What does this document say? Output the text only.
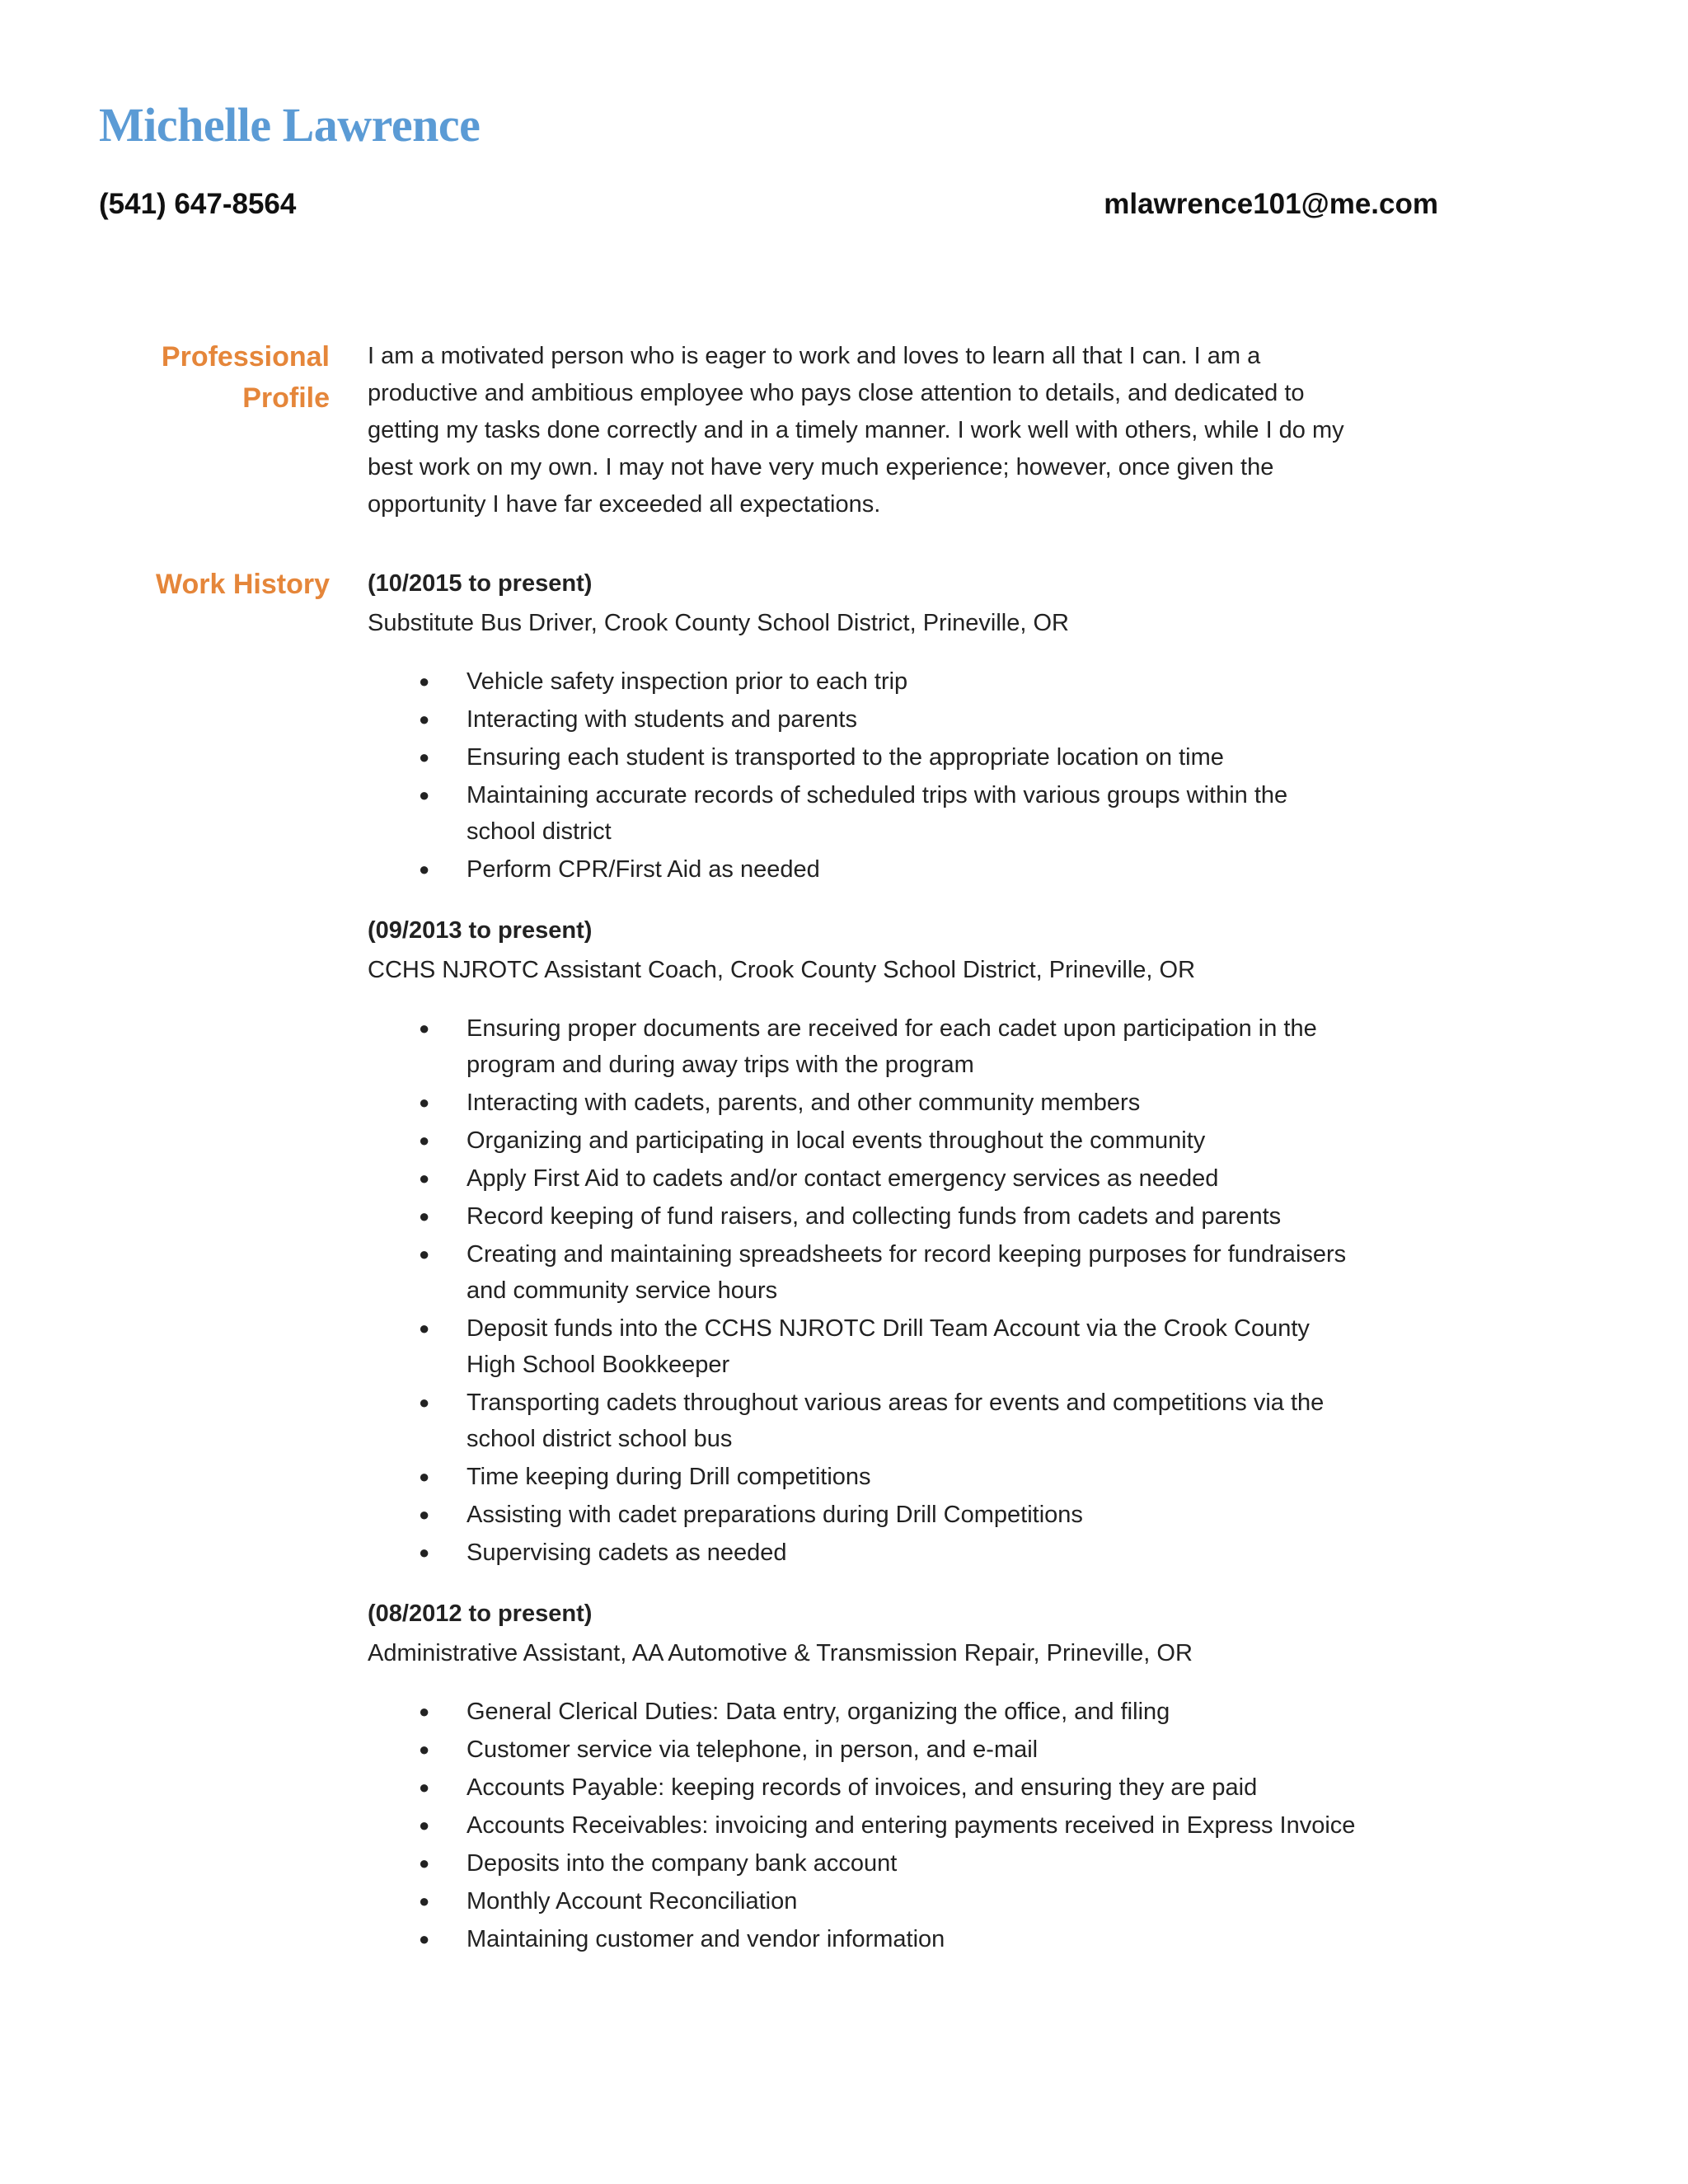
Michelle Lawrence
(541) 647-8564	mlawrence101@me.com
Professional
Profile

I am a motivated person who is eager to work and loves to learn all that I can. I am a productive and ambitious employee who pays close attention to details, and dedicated to getting my tasks done correctly and in a timely manner. I work well with others, while I do my best work on my own. I may not have very much experience; however, once given the opportunity I have far exceeded all expectations.

Work History (10/2015 to present)

Substitute Bus Driver, Crook County School District, Prineville, OR

● Vehicle safety inspection prior to each trip
● Interacting with students and parents
● Ensuring each student is transported to the appropriate location on time
● Maintaining accurate records of scheduled trips with various groups within the school district
● Perform CPR/First Aid as needed

(09/2013 to present)

CCHS NJROTC Assistant Coach, Crook County School District, Prineville, OR

● Ensuring proper documents are received for each cadet upon participation in the program and during away trips with the program
● Interacting with cadets, parents, and other community members
● Organizing and participating in local events throughout the community
● Apply First Aid to cadets and/or contact emergency services as needed
● Record keeping of fund raisers, and collecting funds from cadets and parents
● Creating and maintaining spreadsheets for record keeping purposes for fundraisers and community service hours
● Deposit funds into the CCHS NJROTC Drill Team Account via the Crook County High School Bookkeeper
● Transporting cadets throughout various areas for events and competitions via the school district school bus
● Time keeping during Drill competitions
● Assisting with cadet preparations during Drill Competitions
● Supervising cadets as needed

(08/2012 to present)

Administrative Assistant, AA Automotive & Transmission Repair, Prineville, OR

● General Clerical Duties: Data entry, organizing the office, and filing
● Customer service via telephone, in person, and e-mail
● Accounts Payable: keeping records of invoices, and ensuring they are paid
● Accounts Receivables: invoicing and entering payments received in Express Invoice
● Deposits into the company bank account
● Monthly Account Reconciliation
● Maintaining customer and vendor information
